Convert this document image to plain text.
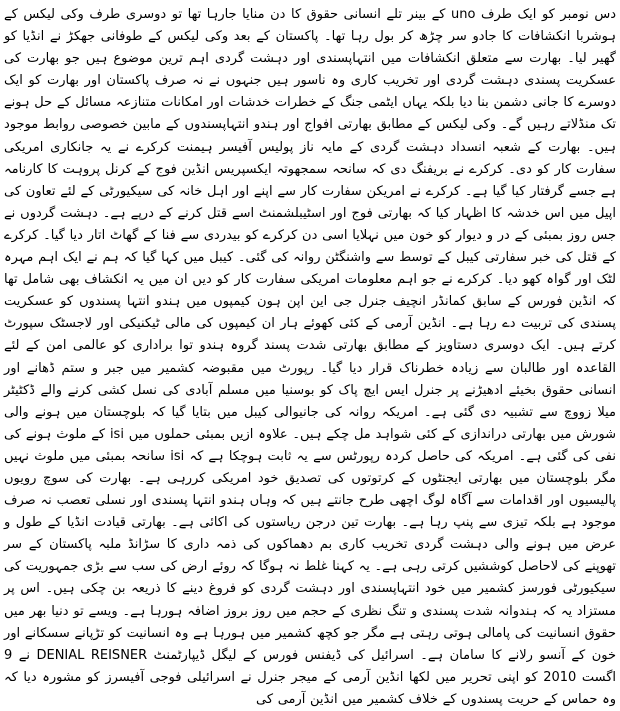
دس نومبر کو ایک طرف uno کے بینر تلے انسانی حقوق کا دن منایا جارہا تھا تو دوسری طرف وکی لیکس کے ہوشربا انکشافات کا جادو سر چڑھ کر بول رہا تھا۔ پاکستان کے بعد وکی لیکس کے طوفانی جھکڑ نے انڈیا کو گھیر لیا۔ بھارت سے متعلق انکشافات میں انتہاپسندی اور دہشت گردی اہم ترین موضوع ہیں جو بھارت کی عسکریت پسندی دہشت گردی اور تخریب کاری وہ ناسور ہیں جنہوں نے نہ صرف پاکستان اور بھارت کو ایک دوسرے کا جانی دشمن بنا دیا بلکہ یہاں ایٹمی جنگ کے خطرات خدشات اور امکانات متنازعہ مسائل کے حل ہونے تک منڈلاتے رہیں گے۔ وکی لیکس کے مطابق بھارتی افواج اور ہندو انتہاپسندوں کے مابین خصوصی روابط موجود ہیں۔ بھارت کے شعبہ انسداد دہشت گردی کے مایہ ناز پولیس آفیسر ہیمنت کرکرے نے یہ جانکاری امریکی سفارت کار کو دی۔ کرکرے نے بریفنگ دی کہ سانحہ سمجھوتہ ایکسپریس انڈین فوج کے کرنل پروہت کا کارنامہ ہے جسے گرفتار کیا گیا ہے۔ کرکرے نے امریکن سفارت کار سے اپنے اور اہل خانہ کی سیکیورٹی کے لئے تعاون کی اپیل میں اس خدشہ کا اظہار کیا کہ بھارتی فوج اور اسٹیبلشمنٹ اسے قتل کرنے کے درپے ہے۔ دہشت گردوں نے جس روز بمبئی کے در و دیوار کو خون میں نہلایا اسی دن کرکرے کو بیدردی سے فنا کے گھاٹ اتار دیا گیا۔ کرکرے کے قتل کی خبر سفارتی کیبل کے توسط سے واشنگٹن روانہ کی گئی۔ کیبل میں کہا گیا کہ ہم نے ایک اہم مہرہ لٹک اور گواہ کھو دیا۔ کرکرے نے جو اہم معلومات امریکی سفارت کار کو دیں ان میں یہ انکشاف بھی شامل تھا کہ انڈین فورس کے سابق کمانڈر انچیف جنرل جی این اپن ہون کیمپوں میں ہندو انتہا پسندوں کو عسکریت پسندی کی تربیت دے رہا ہے۔ انڈین آرمی کے کئی کھوئے ہار ان کیمپوں کی مالی ٹیکنیکی اور لاجسٹک سپورٹ کرتے ہیں۔ ایک دوسری دستاویز کے مطابق بھارتی شدت پسند گروہ ہندو توا براداری کو عالمی امن کے لئے القاعدہ اور طالبان سے زیادہ خطرناک قرار دیا گیا۔ رپورٹ میں مقبوضہ کشمیر میں جبر و ستم ڈھانے اور انسانی حقوق بخیئے ادھیڑنے پر جنرل ایس ایچ پاک کو بوسنیا میں مسلم آبادی کی نسل کشی کرنے والے ڈکٹیٹر میلا زووچ سے تشبیہ دی گئی ہے۔ امریکہ روانہ کی جانیوالی کیبل میں بتایا گیا کہ بلوچستان میں ہونے والی شورش میں بھارتی دراندازی کے کئی شواہد مل چکے ہیں۔ علاوہ ازیں بمبئی حملوں میں isi کے ملوث ہونے کی نفی کی گئی ہے۔ امریکہ کی حاصل کردہ رپورٹس سے یہ ثابت ہوچکا ہے کہ isi سانحہ بمبئی میں ملوث نہیں مگر بلوچستان میں بھارتی ایجنٹوں کے کرتوتوں کی تصدیق خود امریکی کررہی ہے۔ بھارت کی سوچ رویوں پالیسیوں اور اقدامات سے آگاہ لوگ اچھی طرح جانتے ہیں کہ وہاں ہندو انتہا پسندی اور نسلی تعصب نہ صرف موجود ہے بلکہ تیزی سے پنپ رہا ہے۔ بھارت تین درجن ریاستوں کی اکائی ہے۔ بھارتی قیادت انڈیا کے طول و عرض میں ہونے والی دہشت گردی تخریب کاری بم دھماکوں کی ذمہ داری کا سڑانڈ ملبہ پاکستان کے سر تھوپنے کی لاحاصل کوششیں کرتی رہی ہے۔ یہ کہنا غلط نہ ہوگا کہ روئے ارض کی سب سے بڑی جمہوریت کی سیکیورٹی فورسز کشمیر میں خود انتہاپسندی اور دہشت گردی کو فروغ دینے کا ذریعہ بن چکی ہیں۔ اس پر مستزاد یہ کہ ہندوانہ شدت پسندی و تنگ نظری کے حجم میں روز بروز اضافہ ہورہا ہے۔ ویسے تو دنیا بھر میں حقوق انسانیت کی پامالی ہوتی رہتی ہے مگر جو کچھ کشمیر میں ہورہا ہے وہ انسانیت کو تڑپانے سسکانے اور خون کے آنسو رلانے کا سامان ہے۔ اسرائیل کی ڈیفنس فورس کے لیگل ڈیپارٹمنٹ DENIAL REISNER نے 9 اگست 2010 کو اپنی تحریر میں لکھا انڈین آرمی کے میجر جنرل نے اسرائیلی فوجی آفیسرز کو مشورہ دیا کہ وہ حماس کے حریت پسندوں کے خلاف کشمیر میں انڈین آرمی کی
